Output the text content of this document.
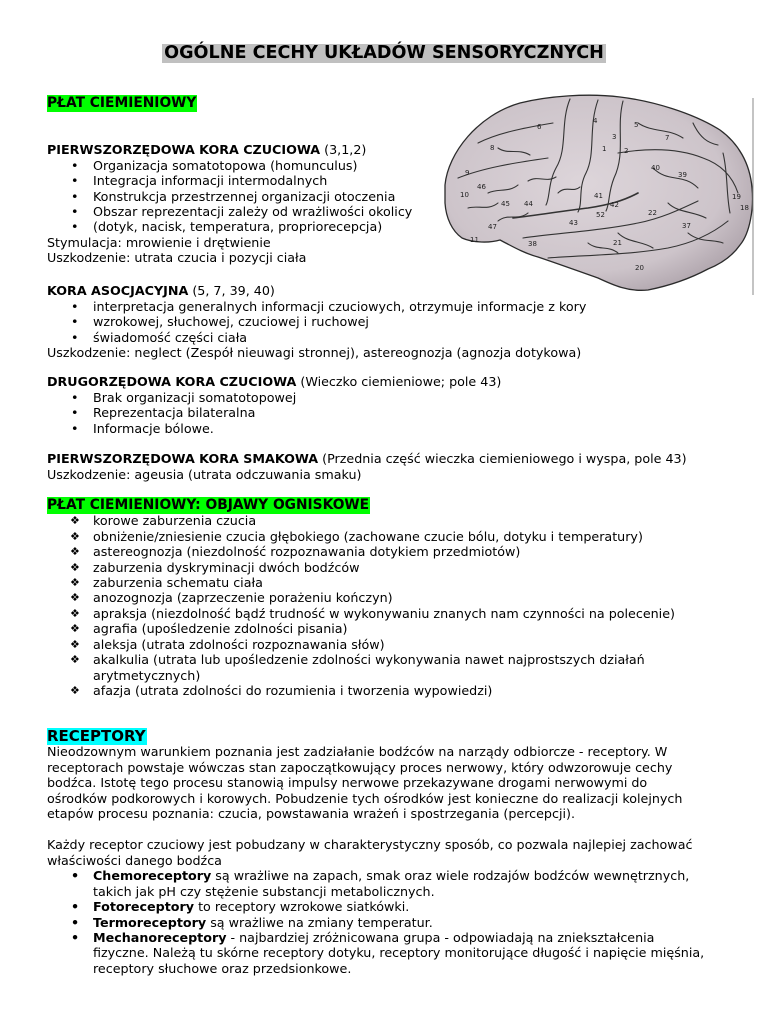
OGÓLNE CECHY UKŁADÓW SENSORYCZNYCH
PŁAT CIEMIENIOWY
4
6	5
3
1	2
7
8
9
40
39
10
46
45 44
43
41
52
42
22
47
11	38	21
37
20
19
18
PIERWSZORZĘDOWA KORA CZUCIOWA (3,1,2)
• Organizacja somatotopowa (homunculus)
• Integracja informacji intermodalnych
• Konstrukcja przestrzennej organizacji otoczenia
• Obszar reprezentacji zależy od wrażliwości okolicy
• (dotyk, nacisk, temperatura, propriorecepcja)
Stymulacja: mrowienie i drętwienie
Uszkodzenie: utrata czucia i pozycji ciała
KORA ASOCJACYJNA (5, 7, 39, 40)
• interpretacja generalnych informacji czuciowych, otrzymuje informacje z kory
• wzrokowej, słuchowej, czuciowej i ruchowej
• świadomość części ciała
Uszkodzenie: neglect (Zespół nieuwagi stronnej), astereognozja (agnozja dotykowa)
DRUGORZĘDOWA KORA CZUCIOWA (Wieczko ciemieniowe; pole 43)
• Brak organizacji somatotopowej
• Reprezentacja bilateralna
• Informacje bólowe.
PIERWSZORZĘDOWA KORA SMAKOWA (Przednia część wieczka ciemieniowego i wyspa, pole 43)
Uszkodzenie: ageusia (utrata odczuwania smaku)
PŁAT CIEMIENIOWY: OBJAWY OGNISKOWE
❖ korowe zaburzenia czucia
❖ obniżenie/zniesienie czucia głębokiego (zachowane czucie bólu, dotyku i temperatury)
❖ astereognozja (niezdolność rozpoznawania dotykiem przedmiotów)
❖ zaburzenia dyskryminacji dwóch bodźców
❖ zaburzenia schematu ciała
❖ anozognozja (zaprzeczenie porażeniu kończyn)
❖ apraksja (niezdolność bądź trudność w wykonywaniu znanych nam czynności na polecenie)
❖ agrafia (upośledzenie zdolności pisania)
❖ aleksja (utrata zdolności rozpoznawania słów)
❖ akalkulia (utrata lub upośledzenie zdolności wykonywania nawet najprostszych działań
arytmetycznych)
❖ afazja (utrata zdolności do rozumienia i tworzenia wypowiedzi)
RECEPTORY
Nieodzownym warunkiem poznania jest zadziałanie bodźców na narządy odbiorcze - receptory. W
receptorach powstaje wówczas stan zapoczątkowujący proces nerwowy, który odwzorowuje cechy
bodźca. Istotę tego procesu stanowią impulsy nerwowe przekazywane drogami nerwowymi do
ośrodków podkorowych i korowych. Pobudzenie tych ośrodków jest konieczne do realizacji kolejnych
etapów procesu poznania: czucia, powstawania wrażeń i spostrzegania (percepcji).
Każdy receptor czuciowy jest pobudzany w charakterystyczny sposób, co pozwala najlepiej zachować
właściwości danego bodźca
• Chemoreceptory są wrażliwe na zapach, smak oraz wiele rodzajów bodźców wewnętrznych,
takich jak pH czy stężenie substancji metabolicznych.
• Fotoreceptory to receptory wzrokowe siatkówki.
• Termoreceptory są wrażliwe na zmiany temperatur.
• Mechanoreceptory - najbardziej zróżnicowana grupa - odpowiadają na zniekształcenia
fizyczne. Należą tu skórne receptory dotyku, receptory monitorujące długość i napięcie mięśnia,
receptory słuchowe oraz przedsionkowe.
